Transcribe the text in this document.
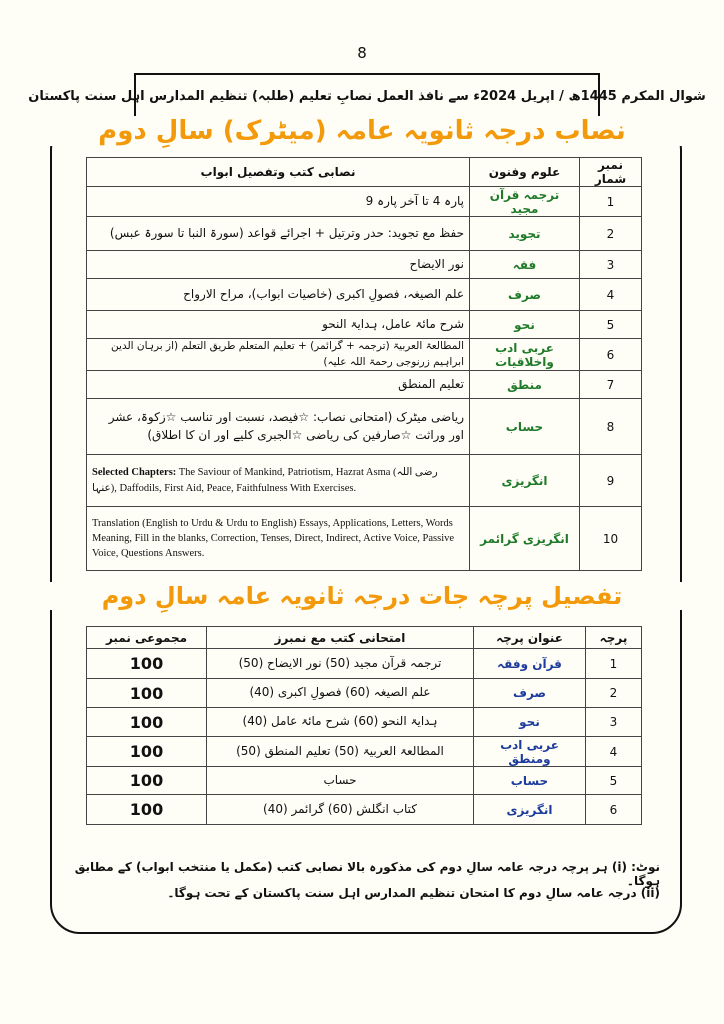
8
شوال المکرم 1445ھ / اپریل 2024ء سے نافذ العمل نصابِ تعلیم (طلبہ) تنظیم المدارس اہل سنت پاکستان
نصاب درجہ ثانویہ عامہ (میٹرک) سالِ دوم
نمبر شمار	علوم وفنون	نصابی کتب وتفصیل ابواب
1	ترجمہ قرآن مجید	پارہ 4 تا آخر پارہ 9
2	تجوید	حفظ مع تجوید: حدر وترتیل + اجرائے قواعد (سورۃ النبا تا سورۃ عبس)
3	فقہ	نور الایضاح
4	صرف	علم الصیغہ، فصولِ اکبری (خاصیات ابواب)، مراح الارواح
5	نحو	شرح مائۃ عامل، ہدایۃ النحو
6	عربی ادب واخلاقیات	المطالعۃ العربیۃ (ترجمہ + گرائمر) + تعلیم المتعلم طریق التعلم (از برہان الدین ابراہیم زرنوجی رحمۃ اللہ علیہ)
7	منطق	تعلیم المنطق
8	حساب	ریاضی میٹرک (امتحانی نصاب: ☆فیصد، نسبت اور تناسب ☆زکوۃ، عشر اور وراثت ☆صارفین کی ریاضی ☆الجبری کلیے اور ان کا اطلاق)
9	انگریزی	Selected Chapters: The Saviour of Mankind, Patriotism, Hazrat Asma (رضی اللہ عنہا), Daffodils, First Aid, Peace, Faithfulness With Exercises.
10	انگریزی گرائمر	Translation (English to Urdu & Urdu to English) Essays, Applications, Letters, Words Meaning, Fill in the blanks, Correction, Tenses, Direct, Indirect, Active Voice, Passive Voice, Questions Answers.
تفصیل پرچہ جات درجہ ثانویہ عامہ سالِ دوم
پرچہ	عنوان پرچہ	امتحانی کتب مع نمبرز	مجموعی نمبر
1	قرآن وفقہ	ترجمہ قرآن مجید (50) نور الایضاح (50)	100
2	صرف	علم الصیغہ (60) فصولِ اکبری (40)	100
3	نحو	ہدایۃ النحو (60) شرح مائۃ عامل (40)	100
4	عربی ادب ومنطق	المطالعۃ العربیۃ (50) تعلیم المنطق (50)	100
5	حساب	حساب	100
6	انگریزی	کتاب انگلش (60) گرائمر (40)	100
نوٹ: (i) ہر پرچہ درجہ عامہ سالِ دوم کی مذکورہ بالا نصابی کتب (مکمل یا منتخب ابواب) کے مطابق ہوگا۔
(ii) درجہ عامہ سالِ دوم کا امتحان تنظیم المدارس اہل سنت پاکستان کے تحت ہوگا۔
